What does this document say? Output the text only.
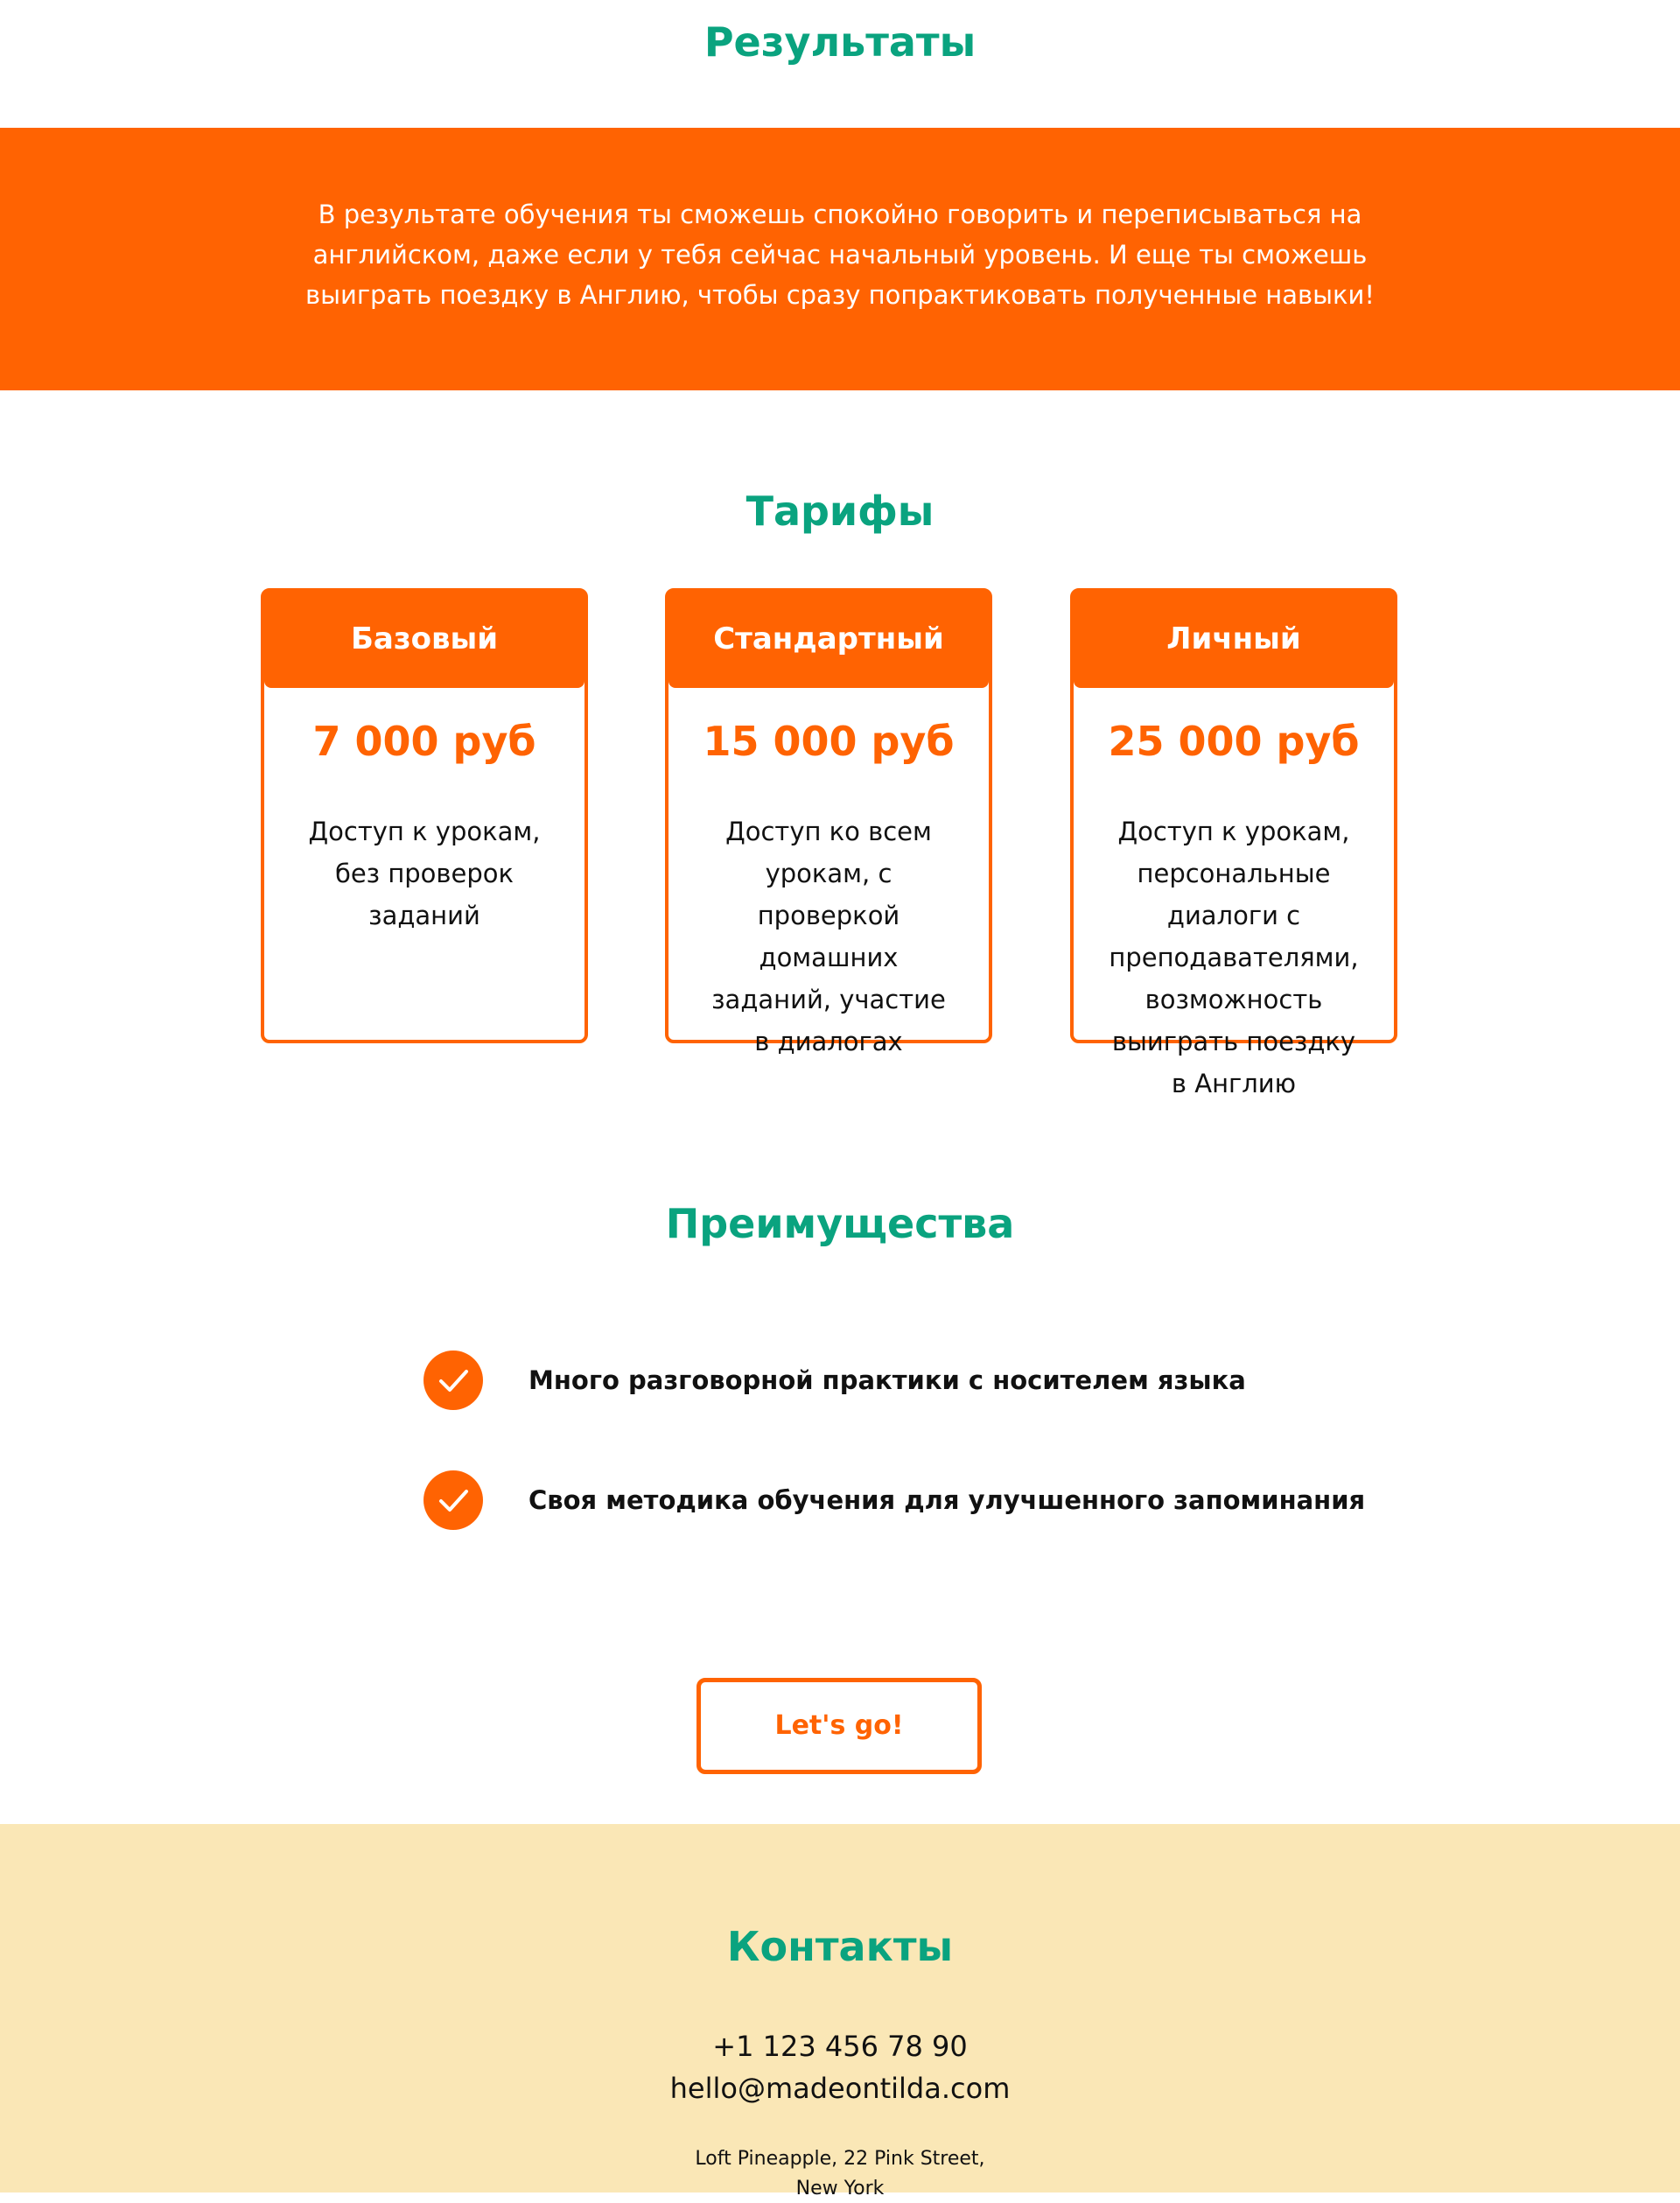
Результаты

В результате обучения ты сможешь спокойно говорить и переписываться на английском, даже если у тебя сейчас начальный уровень. И еще ты сможешь выиграть поездку в Англию, чтобы сразу попрактиковать полученные навыки!

Тарифы

Базовый

7 000 руб

Доступ к урокам, без проверок заданий

Стандартный

15 000 руб

Доступ ко всем урокам, с проверкой домашних заданий, участие в диалогах

Личный

25 000 руб

Доступ к урокам, персональные диалоги с преподавателями, возможность выиграть поездку в Англию

Преимущества

Много разговорной практики с носителем языка

Своя методика обучения для улучшенного запоминания

Let's go!
Контакты

+1 123 456 78 90

hello@madeontilda.com

Loft Pineapple, 22 Pink Street,

New York
